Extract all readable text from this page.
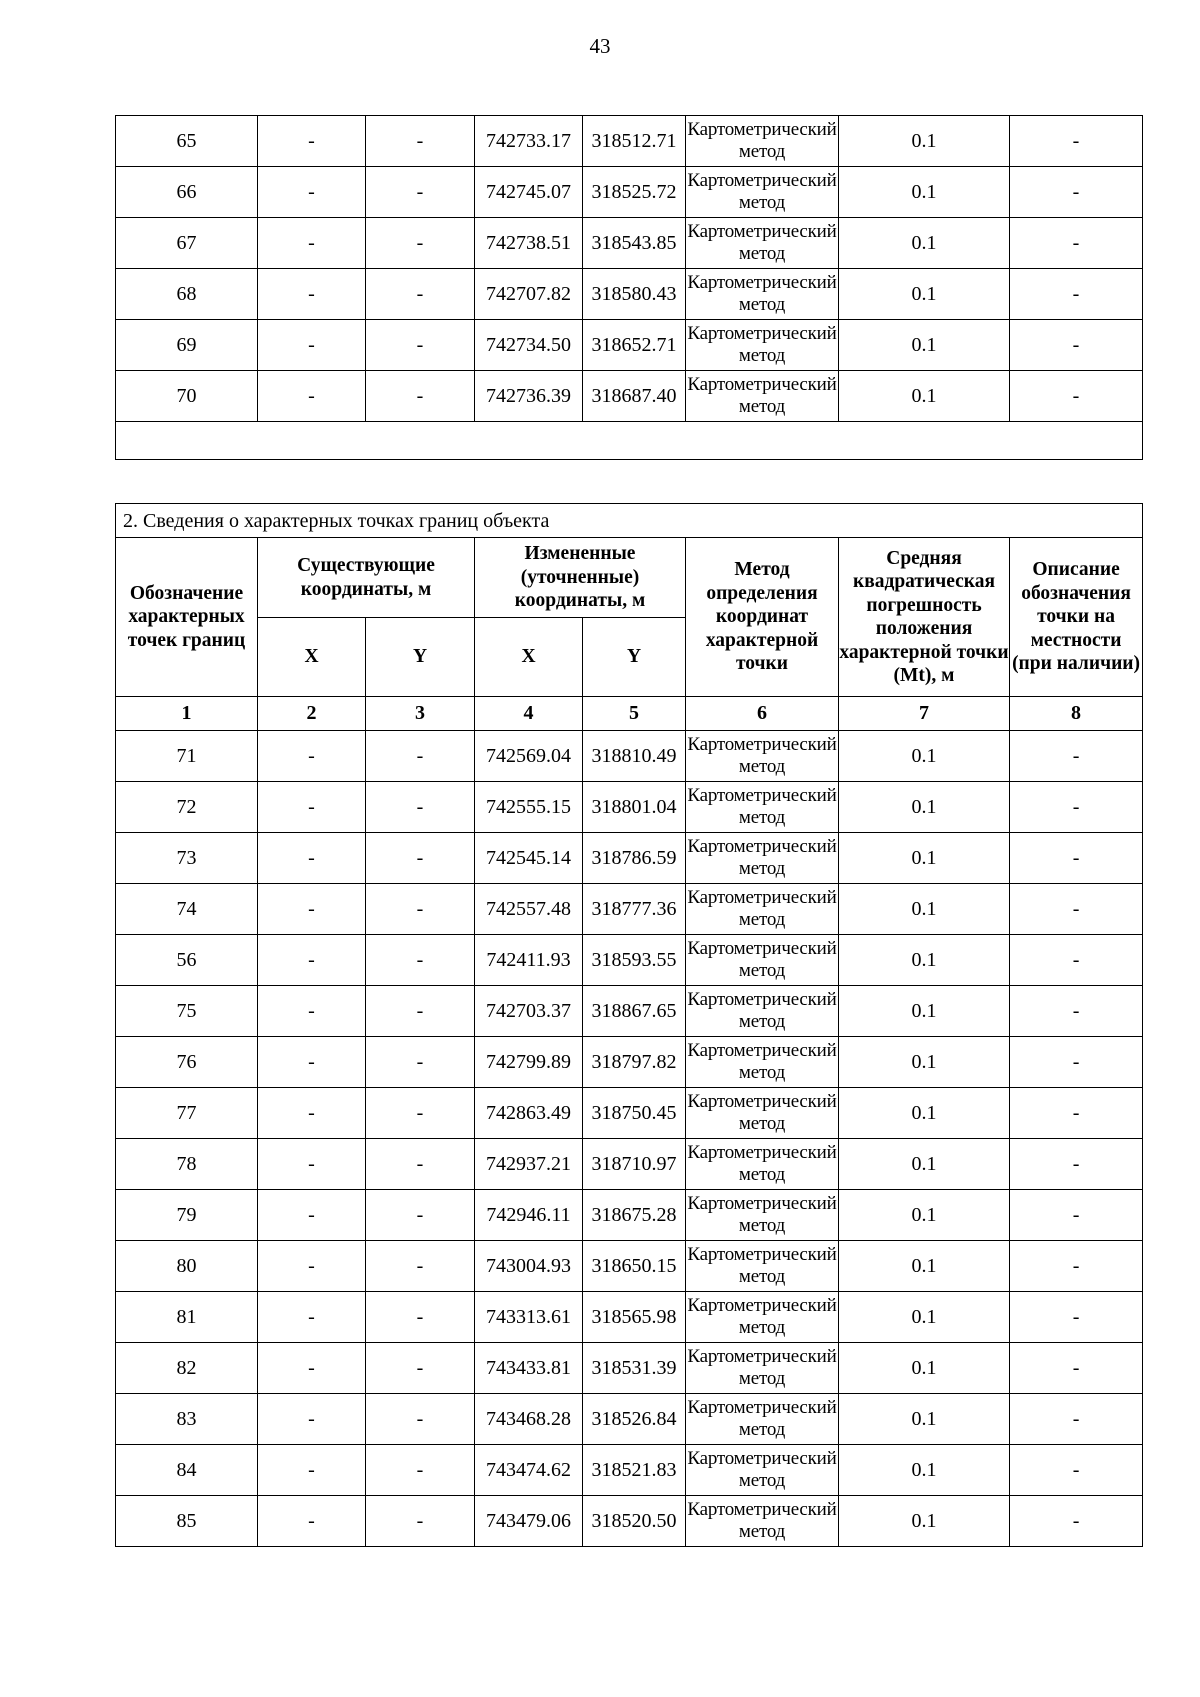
43
65	-	-	742733.17	318512.71	Картометрический метод	0.1	-
66	-	-	742745.07	318525.72	Картометрический метод	0.1	-
67	-	-	742738.51	318543.85	Картометрический метод	0.1	-
68	-	-	742707.82	318580.43	Картометрический метод	0.1	-
69	-	-	742734.50	318652.71	Картометрический метод	0.1	-
70	-	-	742736.39	318687.40	Картометрический метод	0.1	-

2. Сведения о характерных точках границ объекта							
Обозначение характерных точек границ	Существующие координаты, м		Измененные (уточненные) координаты, м		Метод определения координат характерной точки	Средняя квадратическая погрешность положения характерной точки (Mt), м	Описание обозначения точки на местности (при наличии)
	X	Y	X	Y			
1	2	3	4	5	6	7	8
71	-	-	742569.04	318810.49	Картометрический метод	0.1	-
72	-	-	742555.15	318801.04	Картометрический метод	0.1	-
73	-	-	742545.14	318786.59	Картометрический метод	0.1	-
74	-	-	742557.48	318777.36	Картометрический метод	0.1	-
56	-	-	742411.93	318593.55	Картометрический метод	0.1	-
75	-	-	742703.37	318867.65	Картометрический метод	0.1	-
76	-	-	742799.89	318797.82	Картометрический метод	0.1	-
77	-	-	742863.49	318750.45	Картометрический метод	0.1	-
78	-	-	742937.21	318710.97	Картометрический метод	0.1	-
79	-	-	742946.11	318675.28	Картометрический метод	0.1	-
80	-	-	743004.93	318650.15	Картометрический метод	0.1	-
81	-	-	743313.61	318565.98	Картометрический метод	0.1	-
82	-	-	743433.81	318531.39	Картометрический метод	0.1	-
83	-	-	743468.28	318526.84	Картометрический метод	0.1	-
84	-	-	743474.62	318521.83	Картометрический метод	0.1	-
85	-	-	743479.06	318520.50	Картометрический метод	0.1	-
